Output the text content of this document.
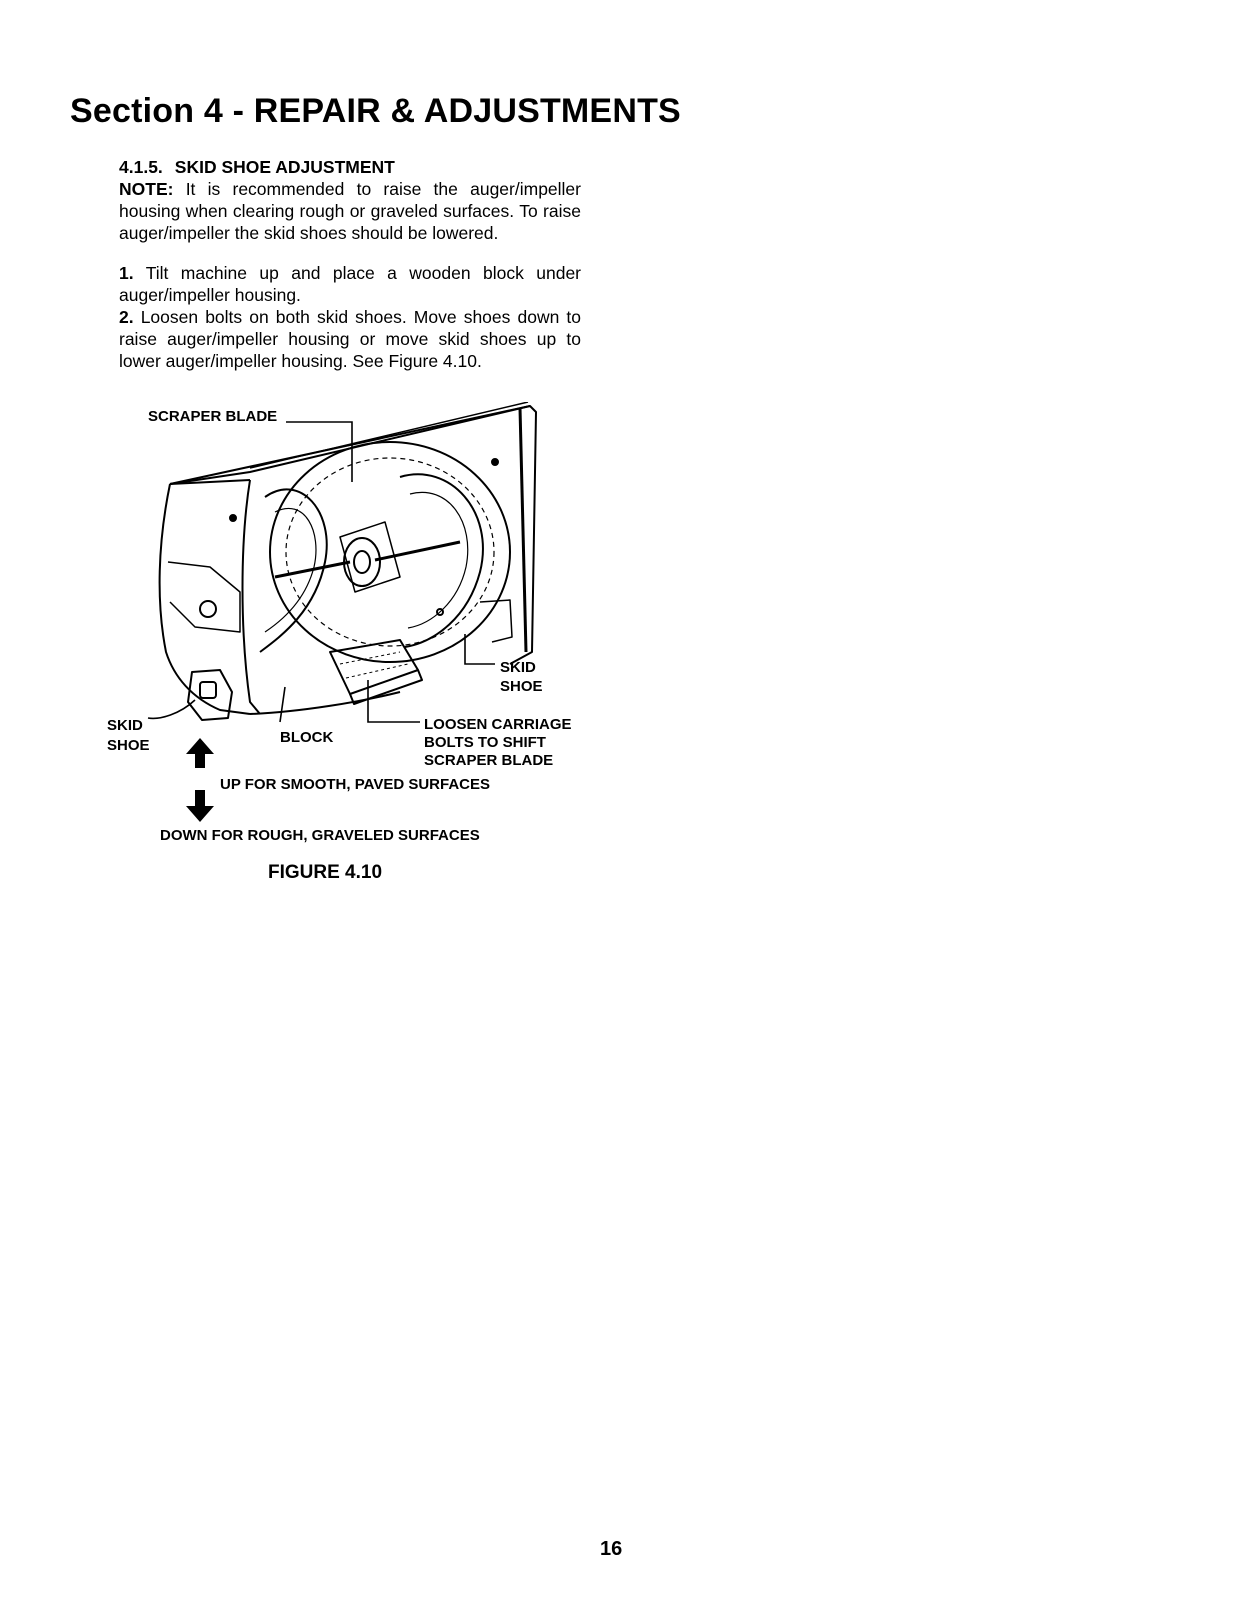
Section 4 - REPAIR & ADJUSTMENTS

4.1.5. SKID SHOE ADJUSTMENT

NOTE: It is recommended to raise the auger/impeller housing when clearing rough or graveled surfaces. To raise auger/impeller the skid shoes should be lowered.

1. Tilt machine up and place a wooden block under auger/impeller housing.

2. Loosen bolts on both skid shoes. Move shoes down to raise auger/impeller housing or move skid shoes up to lower auger/impeller housing. See Figure 4.10.

SCRAPER BLADE
SKID
SHOE
SKID
SHOE	BLOCK
LOOSEN CARRIAGE
BOLTS TO SHIFT
SCRAPER BLADE
UP FOR SMOOTH, PAVED SURFACES
DOWN FOR ROUGH, GRAVELED SURFACES
FIGURE 4.10
16
